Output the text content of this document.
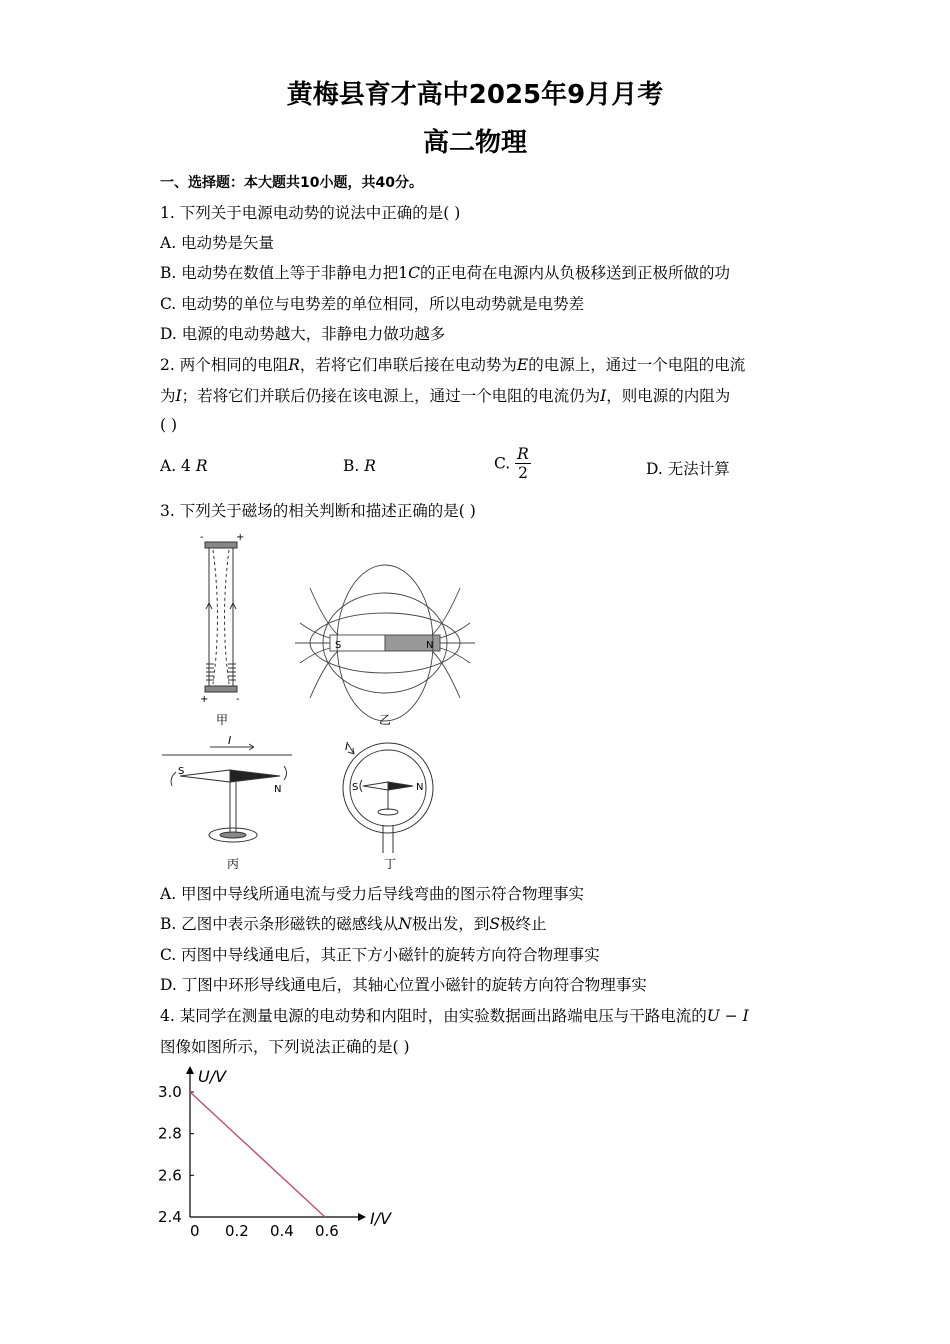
黄梅县育才高中2025年9月月考
高二物理
一、选择题：本大题共10小题，共40分。
1. 下列关于电源电动势的说法中正确的是( )
A. 电动势是矢量
B. 电动势在数值上等于非静电力把1C的正电荷在电源内从负极移送到正极所做的功
C. 电动势的单位与电势差的单位相同，所以电动势就是电势差
D. 电源的电动势越大，非静电力做功越多
2. 两个相同的电阻R，若将它们串联后接在电动势为E的电源上，通过一个电阻的电流
为I；若将它们并联后仍接在该电源上，通过一个电阻的电流仍为I，则电源的内阻为
( )
A. 4 R	B. R	C. $\frac{R}{2}$	D. 无法计算
3. 下列关于磁场的相关判断和描述正确的是( )
-	+
+	-
甲
S	N
乙
I
S
N
丙
I
S	N
丁
A. 甲图中导线所通电流与受力后导线弯曲的图示符合物理事实
B. 乙图中表示条形磁铁的磁感线从N极出发，到S极终止
C. 丙图中导线通电后，其正下方小磁针的旋转方向符合物理事实
D. 丁图中环形导线通电后，其轴心位置小磁针的旋转方向符合物理事实
4. 某同学在测量电源的电动势和内阻时，由实验数据画出路端电压与干路电流的U − I
图像如图所示，下列说法正确的是( )
U/V
I/V
0 0.2 0.4 0.6
2.4
2.6
2.8
3.0
